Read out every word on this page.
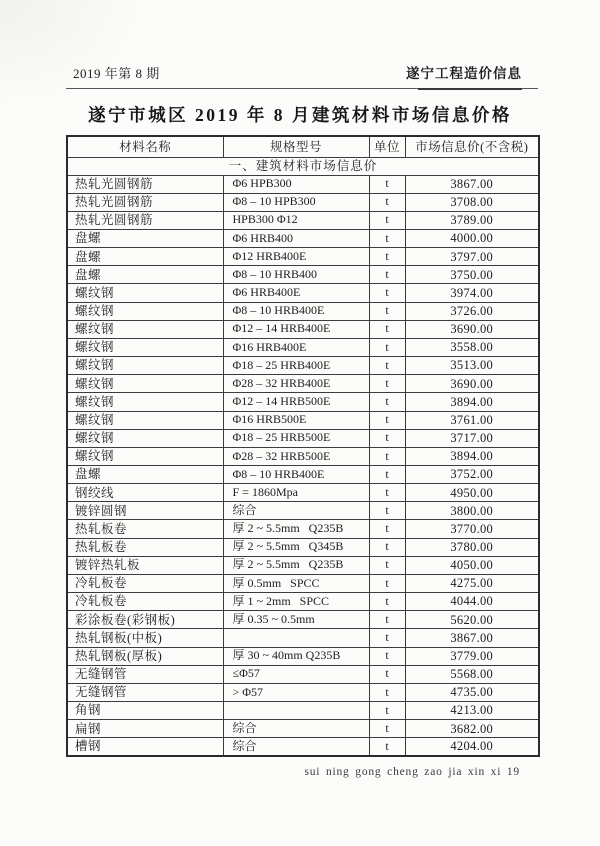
2019 年第 8 期	遂宁工程造价信息
遂宁市城区 2019 年 8 月建筑材料市场信息价格
材料名称	规格型号	单位	市场信息价(不含税)
一、建筑材料市场信息价			
热轧光圆钢筋	Φ6 HPB300	t	3867.00
热轧光圆钢筋	Φ8 – 10 HPB300	t	3708.00
热轧光圆钢筋	HPB300 Φ12	t	3789.00
盘螺	Φ6 HRB400	t	4000.00
盘螺	Φ12 HRB400E	t	3797.00
盘螺	Φ8 – 10 HRB400	t	3750.00
螺纹钢	Φ6 HRB400E	t	3974.00
螺纹钢	Φ8 – 10 HRB400E	t	3726.00
螺纹钢	Φ12 – 14 HRB400E	t	3690.00
螺纹钢	Φ16 HRB400E	t	3558.00
螺纹钢	Φ18 – 25 HRB400E	t	3513.00
螺纹钢	Φ28 – 32 HRB400E	t	3690.00
螺纹钢	Φ12 – 14 HRB500E	t	3894.00
螺纹钢	Φ16 HRB500E	t	3761.00
螺纹钢	Φ18 – 25 HRB500E	t	3717.00
螺纹钢	Φ28 – 32 HRB500E	t	3894.00
盘螺	Φ8 – 10 HRB400E	t	3752.00
钢绞线	F = 1860Mpa	t	4950.00
镀锌圆钢	综合	t	3800.00
热轧板卷	厚 2 ~ 5.5mm   Q235B	t	3770.00
热轧板卷	厚 2 ~ 5.5mm   Q345B	t	3780.00
镀锌热轧板	厚 2 ~ 5.5mm   Q235B	t	4050.00
冷轧板卷	厚 0.5mm   SPCC	t	4275.00
冷轧板卷	厚 1 ~ 2mm   SPCC	t	4044.00
彩涂板卷(彩钢板)	厚 0.35 ~ 0.5mm	t	5620.00
热轧钢板(中板)		t	3867.00
热轧钢板(厚板)	厚 30 ~ 40mm Q235B	t	3779.00
无缝钢管	≤Φ57	t	5568.00
无缝钢管	> Φ57	t	4735.00
角钢		t	4213.00
扁钢	综合	t	3682.00
槽钢	综合	t	4204.00
sui ning gong cheng zao jia xin xi 19
